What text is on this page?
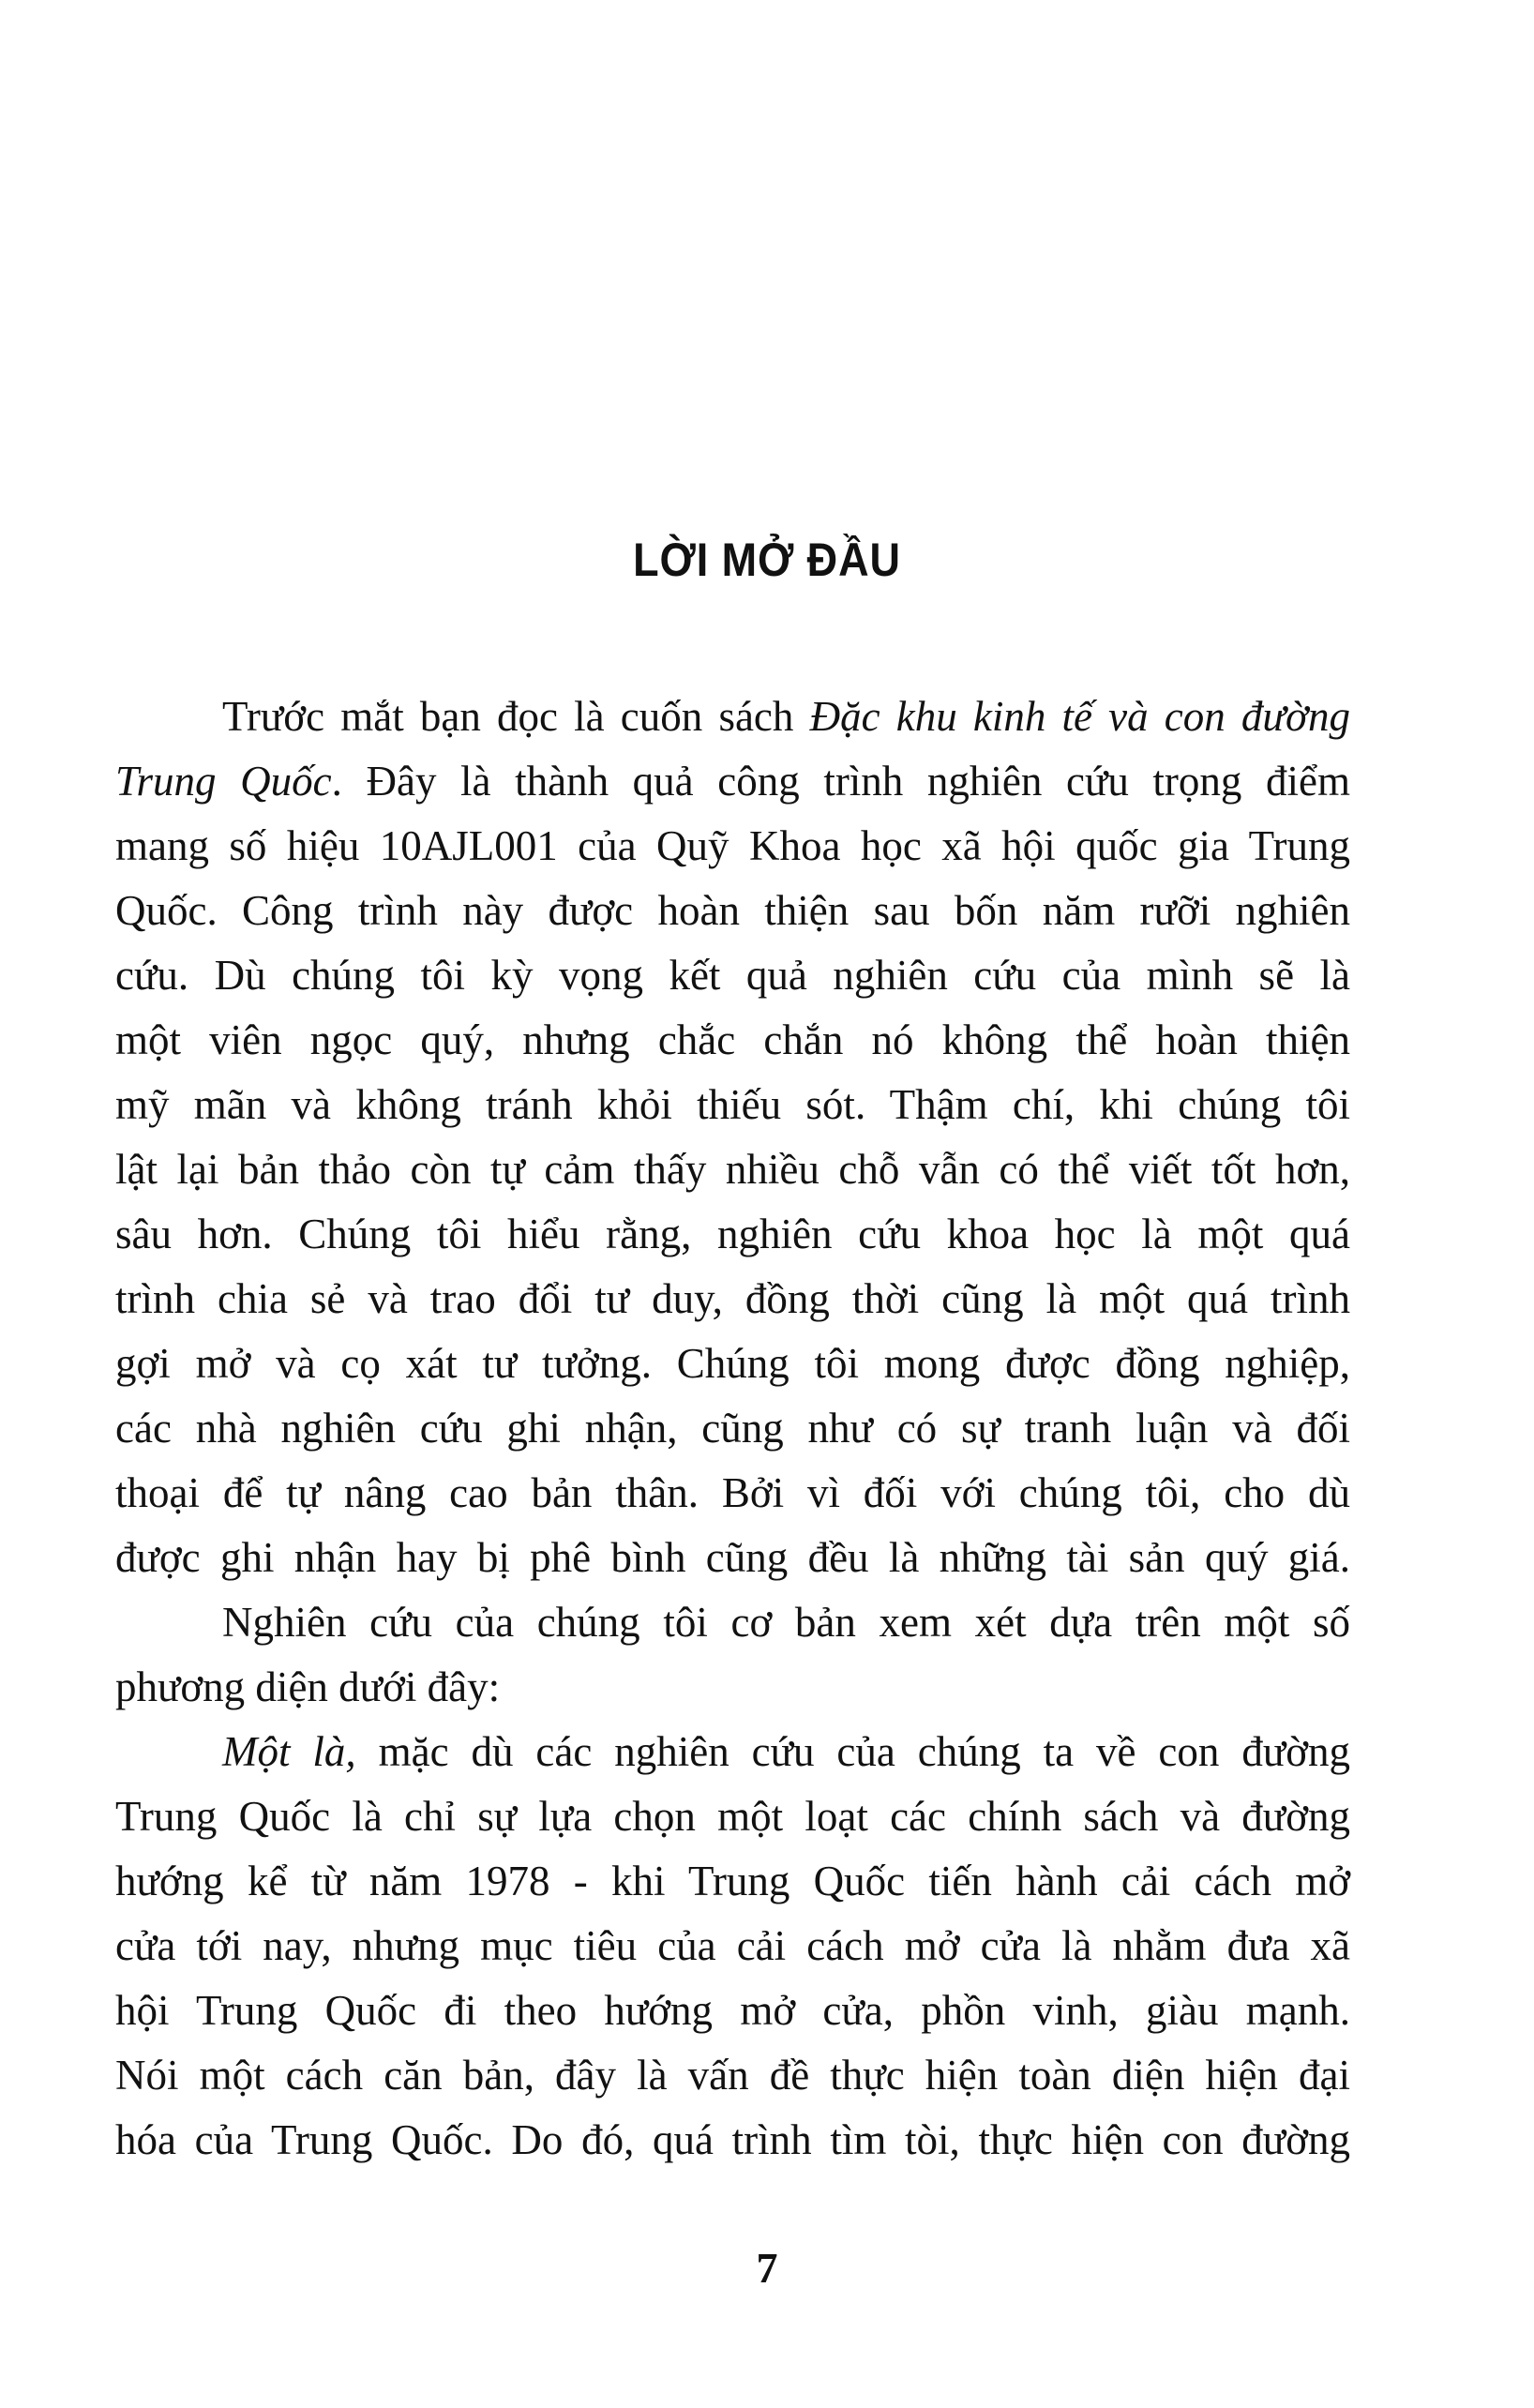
LỜI MỞ ĐẦU
Trước mắt bạn đọc là cuốn sách Đặc khu kinh tế và con đường
Trung Quốc. Đây là thành quả công trình nghiên cứu trọng điểm
mang số hiệu 10AJL001 của Quỹ Khoa học xã hội quốc gia Trung
Quốc. Công trình này được hoàn thiện sau bốn năm rưỡi nghiên
cứu. Dù chúng tôi kỳ vọng kết quả nghiên cứu của mình sẽ là
một viên ngọc quý, nhưng chắc chắn nó không thể hoàn thiện
mỹ mãn và không tránh khỏi thiếu sót. Thậm chí, khi chúng tôi
lật lại bản thảo còn tự cảm thấy nhiều chỗ vẫn có thể viết tốt hơn,
sâu hơn. Chúng tôi hiểu rằng, nghiên cứu khoa học là một quá
trình chia sẻ và trao đổi tư duy, đồng thời cũng là một quá trình
gợi mở và cọ xát tư tưởng. Chúng tôi mong được đồng nghiệp,
các nhà nghiên cứu ghi nhận, cũng như có sự tranh luận và đối
thoại để tự nâng cao bản thân. Bởi vì đối với chúng tôi, cho dù
được ghi nhận hay bị phê bình cũng đều là những tài sản quý giá.
Nghiên cứu của chúng tôi cơ bản xem xét dựa trên một số
phương diện dưới đây:
Một là, mặc dù các nghiên cứu của chúng ta về con đường
Trung Quốc là chỉ sự lựa chọn một loạt các chính sách và đường
hướng kể từ năm 1978 - khi Trung Quốc tiến hành cải cách mở
cửa tới nay, nhưng mục tiêu của cải cách mở cửa là nhằm đưa xã
hội Trung Quốc đi theo hướng mở cửa, phồn vinh, giàu mạnh.
Nói một cách căn bản, đây là vấn đề thực hiện toàn diện hiện đại
hóa của Trung Quốc. Do đó, quá trình tìm tòi, thực hiện con đường
7
